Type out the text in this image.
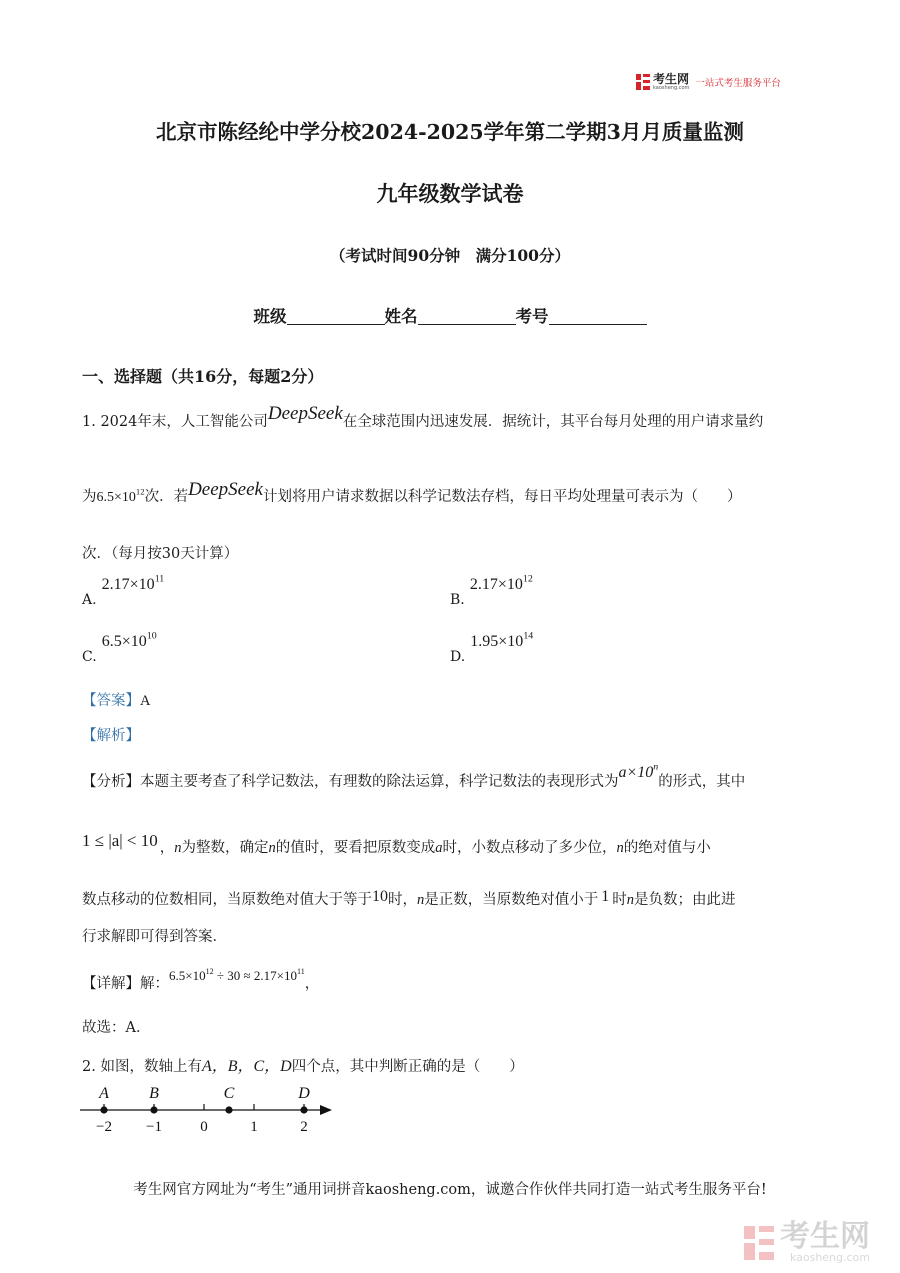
考生网
kaosheng.com 一站式考生服务平台
北京市陈经纶中学分校2024-2025学年第二学期3月月质量监测
九年级数学试卷
（考试时间90分钟　满分100分）
班级	姓名	考号
一、选择题（共16分，每题2分）
1. 2024年末，人工智能公司DeepSeek在全球范围内迅速发展．据统计，其平台每月处理的用户请求量约
为$6.5\times 10^{12}$次．若DeepSeek计划将用户请求数据以科学记数法存档，每日平均处理量可表示为（　　）
次．（每月按30天计算）
A. $2.17\times 10^{11}$
B. $2.17\times 10^{12}$
C. $6.5\times 10^{10}$
D. $1.95\times 10^{14}$
【答案】A
【解析】
【分析】本题主要考查了科学记数法，有理数的除法运算，科学记数法的表现形式为$a\times 10^n$的形式，其中
1 ≤ |a| < 10 ，n为整数，确定n的值时，要看把原数变成a时，小数点移动了多少位，n的绝对值与小
数点移动的位数相同，当原数绝对值大于等于10时，n是正数，当原数绝对值小于 1 时n是负数；由此进
行求解即可得到答案．
【详解】解：$6.5\times 10^{12} \div 30 \approx 2.17\times 10^{11}$，
故选：A．
2. 如图，数轴上有A，B，C，D四个点，其中判断正确的是（　　）
−2 −1	0	1	2
A	B	C	D
考生网官方网址为“考生”通用词拼音kaosheng.com，诚邀合作伙伴共同打造一站式考生服务平台!
考生网
kaosheng.com
